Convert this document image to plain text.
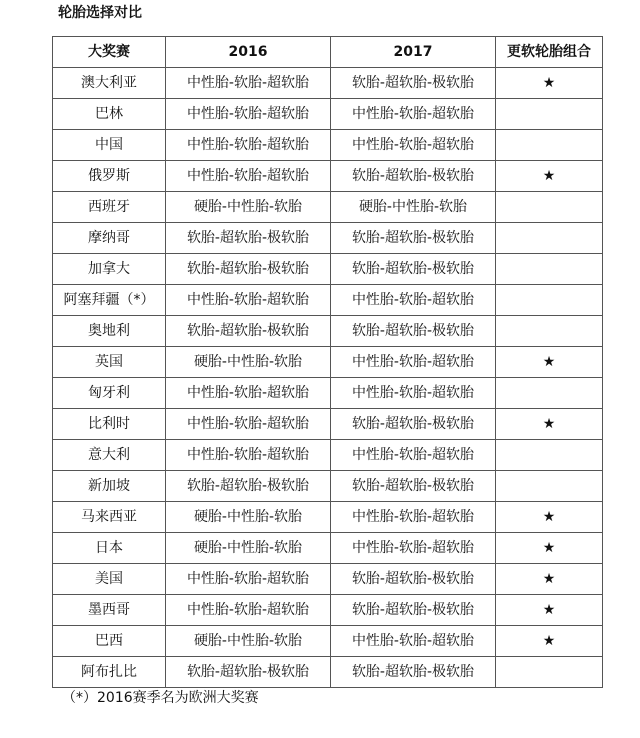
轮胎选择对比
大奖赛	2016	2017	更软轮胎组合
澳大利亚	中性胎-软胎-超软胎	软胎-超软胎-极软胎	★
巴林	中性胎-软胎-超软胎	中性胎-软胎-超软胎	
中国	中性胎-软胎-超软胎	中性胎-软胎-超软胎	
俄罗斯	中性胎-软胎-超软胎	软胎-超软胎-极软胎	★
西班牙	硬胎-中性胎-软胎	硬胎-中性胎-软胎	
摩纳哥	软胎-超软胎-极软胎	软胎-超软胎-极软胎	
加拿大	软胎-超软胎-极软胎	软胎-超软胎-极软胎	
阿塞拜疆（*）	中性胎-软胎-超软胎	中性胎-软胎-超软胎	
奥地利	软胎-超软胎-极软胎	软胎-超软胎-极软胎	
英国	硬胎-中性胎-软胎	中性胎-软胎-超软胎	★
匈牙利	中性胎-软胎-超软胎	中性胎-软胎-超软胎	
比利时	中性胎-软胎-超软胎	软胎-超软胎-极软胎	★
意大利	中性胎-软胎-超软胎	中性胎-软胎-超软胎	
新加坡	软胎-超软胎-极软胎	软胎-超软胎-极软胎	
马来西亚	硬胎-中性胎-软胎	中性胎-软胎-超软胎	★
日本	硬胎-中性胎-软胎	中性胎-软胎-超软胎	★
美国	中性胎-软胎-超软胎	软胎-超软胎-极软胎	★
墨西哥	中性胎-软胎-超软胎	软胎-超软胎-极软胎	★
巴西	硬胎-中性胎-软胎	中性胎-软胎-超软胎	★
阿布扎比	软胎-超软胎-极软胎	软胎-超软胎-极软胎	
（*）2016赛季名为欧洲大奖赛
